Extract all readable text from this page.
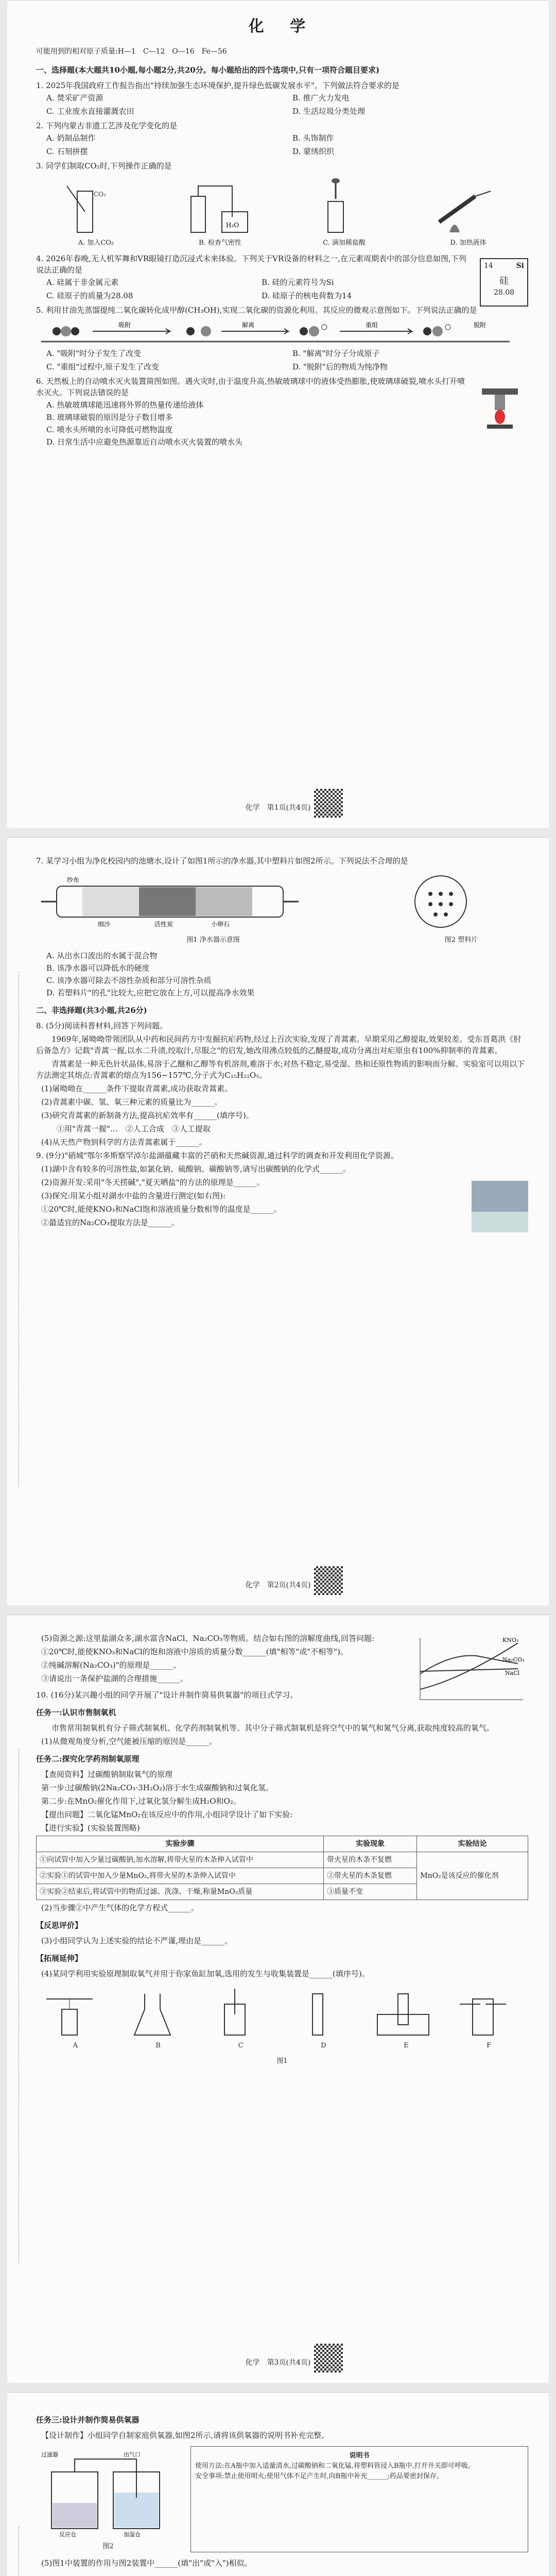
化 学
可能用到的相对原子质量:H—1　C—12　O—16　Fe—56
一、选择题(本大题共10小题,每小题2分,共20分。每小题给出的四个选项中,只有一项符合题目要求)
1. 2025年我国政府工作报告指出"持续加强生态环境保护,提升绿色低碳发展水平"。下列做法符合要求的是
A. 焚采矿产资源	B. 推广火力发电
C. 工业废水直接灌溉农田	D. 生活垃圾分类处理
2. 下列内蒙古非遗工艺涉及化学变化的是
A. 奶制品制作	B. 头饰制作
C. 石刻拼摆	D. 蒙绣织织
3. 同学们制取CO₂时,下列操作正确的是
CO₂
A. 加入CO₂
H₂O
B. 检查气密性	C. 滴加稀盐酸	D. 加热液体
4. 2026年春晚,无人机军舞和VR眼镜打造沉浸式未来体验。下列关于VR设备的材料之一,在元素周期表中的部分信息如图,下列说法正确的是
A. 硅属于非金属元素	B. 硅的元素符号为Si
C. 硅原子的质量为28.08	D. 硅原子的核电荷数为14
14	Si
硅
28.08
5. 利用甘油先蒸馏提纯二氧化碳转化成甲醇(CH₃OH),实现二氧化碳的资源化利用。其反应的微观示意图如下。下列说法正确的是
吸附	解离	重组	脱附
A. "吸附"时分子发生了改变	B. "解离"时分子分成原子
C. "重组"过程中,原子发生了改变	D. "脱附"后的物质为纯净物
6. 天然板上的自动喷水灭火装置简图如图。遇火灾时,由于温度升高,热敏玻璃球中的液体受热膨胀,使玻璃球破裂,喷水头打开喷水灭火。下列说法错误的是
A. 热敏玻璃球能迅速将外界的热量传递给液体
B. 玻璃球破裂的原因是分子数目增多
C. 喷水头所喷的水可降低可燃物温度
D. 日常生活中应避免热源靠近自动喷水灭火装置的喷水头
化学　第1页(共4页)
7. 某学习小组为净化校园内的池塘水,设计了如图1所示的净水器,其中塑料片如图2所示。下列说法不合理的是
细沙	活性炭	小卵石
纱布
图1 净水器示意图	图2 塑料片
A. 从出水口流出的水属于混合物
B. 该净水器可以降低水的硬度
C. 该净水器可除去不溶性杂质和部分可溶性杂质
D. 若塑料片"的孔"比较大,应把它放在上方,可以提高净水效果
二、非选择题(共3小题,共26分)
8. (5分)阅读科普材料,回答下列问题。
1969年,屠呦呦带领团队从中药和民间药方中发掘抗疟药物,经过上百次实验,发现了青蒿素。早期采用乙醇提取,效果较差。受东晋葛洪《肘后备急方》记载"青蒿一握,以水二升渍,绞取汁,尽服之"的启发,她改用沸点较低的乙醚提取,成功分离出对疟原虫有100%抑制率的青蒿素。
青蒿素是一种无色针状晶体,易溶于乙醚和乙醇等有机溶剂,难溶于水;对热不稳定,易受湿、热和还原性物质的影响而分解。实验室可以用以下方法测定其熔点:青蒿素的熔点为156~157℃,分子式为C₁₅H₂₂O₅。
(1)屠呦呦在______条件下提取青蒿素,成功获取青蒿素。
(2)青蒿素中碳、氢、氧三种元素的质量比为______。
(3)研究青蒿素的新制备方法,提高抗疟效率有______(填序号)。
①用"青蒿一握"…　②人工合成　③人工提取
(4)从天然产物到科学的方法青蒿素属于______。
9. (9分)"硝城"鄂尔多斯察罕淖尔盐湖蕴藏丰富的芒硝和天然碱资源,通过科学的调查和开发利用化学资源。
(1)湖中含有较多的可溶性盐,如氯化钠、硫酸钠、碳酸钠等,请写出碳酸钠的化学式______。
(2)资源开发:采用"冬天捞碱","夏天晒盐"的方法的原理是______。
(3)探究:用某小组对湖水中盐的含量进行测定(如右图):
①20℃时,能使KNO₃和NaCl饱和溶液质量分数相等的温度是______。
②最适宜的Na₂CO₃提取方法是______。
化学　第2页(共4页)
(5)资源之源:这里盐湖众多,湖水富含NaCl、Na₂CO₃等物质。结合如右图的溶解度曲线,回答问题:
①20℃时,能使KNO₃和NaCl的饱和溶液中溶质的质量分数______(填"相等"或"不相等")。
②纯碱溶解(Na₂CO₃)"的原理是______。
③请说出一条保护盐湖的合理措施______。
KNO₃
Na₂CO₃
NaCl
10. (16分)某兴趣小组的同学开展了"设计并制作简易供氧器"的项目式学习。
任务一:认识市售制氧机
市售常用制氧机有分子筛式制氧机、化学药剂制氧机等。其中分子筛式制氧机是将空气中的氧气和氮气分离,获取纯度较高的氧气。
(1)从微观角度分析,空气能被压缩的原因是______。
任务二:探究化学药剂制氧原理
【查阅资料】过碳酸钠制取氧气的原理
第一步:过碳酸钠(2Na₂CO₃·3H₂O₂)溶于水生成碳酸钠和过氧化氢。
第二步:在MnO₂催化作用下,过氧化氢分解生成H₂O和O₂。
【提出问题】二氧化锰MnO₂在该反应中的作用,小组同学设计了如下实验:
【进行实验】(实验装置图略)
实验步骤	实验现象	实验结论
①向试管中加入少量过碳酸钠,加水溶解,将带火星的木条伸入试管中	带火星的木条不复燃	MnO₂是该反应的催化剂
②实验①的试管中加入少量MnO₂,将带火星的木条伸入试管中	②带火星的木条复燃	
③实验②结束后,将试管中的物质过滤、洗涤、干燥,称量MnO₂质量	③质量不变	
(2)当步骤②中产生气体的化学方程式______。
【反思评价】
(3)小组同学认为上述实验的结论不严谨,理由是______。
【拓展延伸】
(4)某同学利用实验原理制取氧气并用于你家鱼缸加氧,选用的发生与收集装置是______(填序号)。
A	B	C	D	E	F
图1
化学　第3页(共4页)
任务三:设计并制作简易供氧器
【设计制作】小组同学自制家庭供氧器,如图2所示,请将该供氧器的说明书补充完整。
过滤器	出气口
反应仓	加湿仓
图2
说明书
使用方法:在A瓶中加入适量清水,过碳酸钠和二氧化锰,将塑料管浸入B瓶中,打开开关即可呼吸。
安全事项:禁止使用明火;使用气体不足产生时,向B瓶中补充______;药品要密封保存。
(5)图1中装置的作用与图2装置中______(填"出"或"入")相似。
